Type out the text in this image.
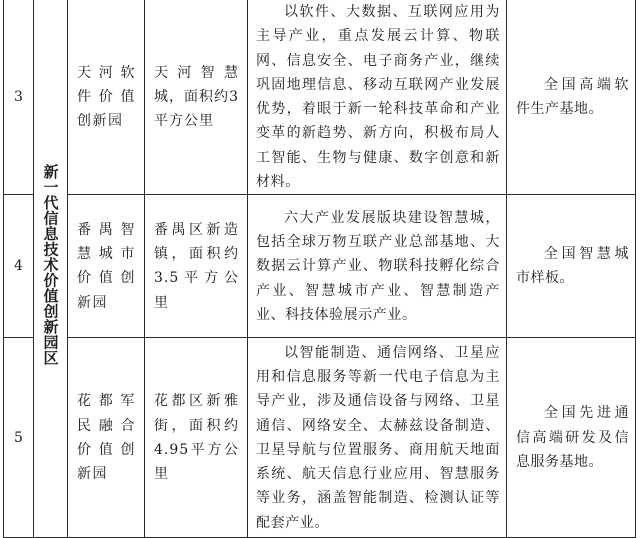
3	新一代信息技术价值创新园区	天河软件价值创新园	天河智慧城，面积约3平方公里	以软件、大数据、互联网应用为主导产业，重点发展云计算、物联网、信息安全、电子商务产业，继续巩固地理信息、移动互联网产业发展优势，着眼于新一轮科技革命和产业变革的新趋势、新方向，积极布局人工智能、生物与健康、数字创意和新材料。	全国高端软件生产基地。
4		番禺智慧城市价值创新园	番禺区新造镇，面积约3.5平方公里	六大产业发展版块建设智慧城，包括全球万物互联产业总部基地、大数据云计算产业、物联科技孵化综合产业、智慧城市产业、智慧制造产业、科技体验展示产业。	全国智慧城市样板。
5		花都军民融合价值创新园	花都区新雅街，面积约4.95平方公里	以智能制造、通信网络、卫星应用和信息服务等新一代电子信息为主导产业，涉及通信设备与网络、卫星通信、网络安全、太赫兹设备制造、卫星导航与位置服务、商用航天地面系统、航天信息行业应用、智慧服务等业务，涵盖智能制造、检测认证等配套产业。	全国先进通信高端研发及信息服务基地。
